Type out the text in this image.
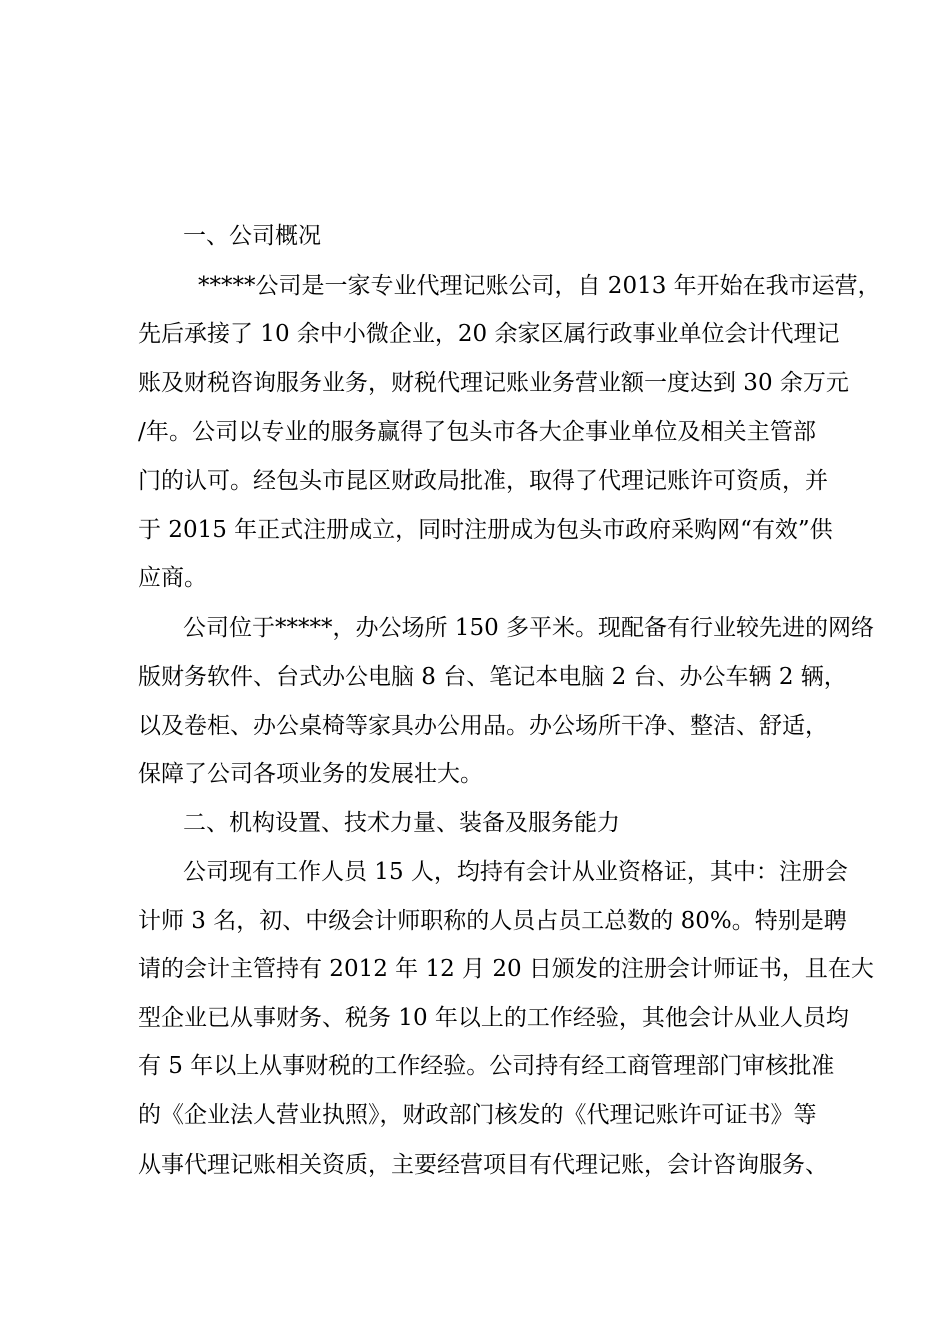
一、公司概况
*****公司是一家专业代理记账公司，自 2013 年开始在我市运营，
先后承接了 10 余中小微企业，20 余家区属行政事业单位会计代理记
账及财税咨询服务业务，财税代理记账业务营业额一度达到 30 余万元
/年。公司以专业的服务赢得了包头市各大企事业单位及相关主管部
门的认可。经包头市昆区财政局批准，取得了代理记账许可资质，并
于 2015 年正式注册成立，同时注册成为包头市政府采购网“有效”供
应商。
公司位于*****，办公场所 150 多平米。现配备有行业较先进的网络
版财务软件、台式办公电脑 8 台、笔记本电脑 2 台、办公车辆 2 辆，
以及卷柜、办公桌椅等家具办公用品。办公场所干净、整洁、舒适，
保障了公司各项业务的发展壮大。
二、机构设置、技术力量、装备及服务能力
公司现有工作人员 15 人，均持有会计从业资格证，其中：注册会
计师 3 名，初、中级会计师职称的人员占员工总数的 80%。特别是聘
请的会计主管持有 2012 年 12 月 20 日颁发的注册会计师证书，且在大
型企业已从事财务、税务 10 年以上的工作经验，其他会计从业人员均
有 5 年以上从事财税的工作经验。公司持有经工商管理部门审核批准
的《企业法人营业执照》，财政部门核发的《代理记账许可证书》等
从事代理记账相关资质，主要经营项目有代理记账，会计咨询服务、
